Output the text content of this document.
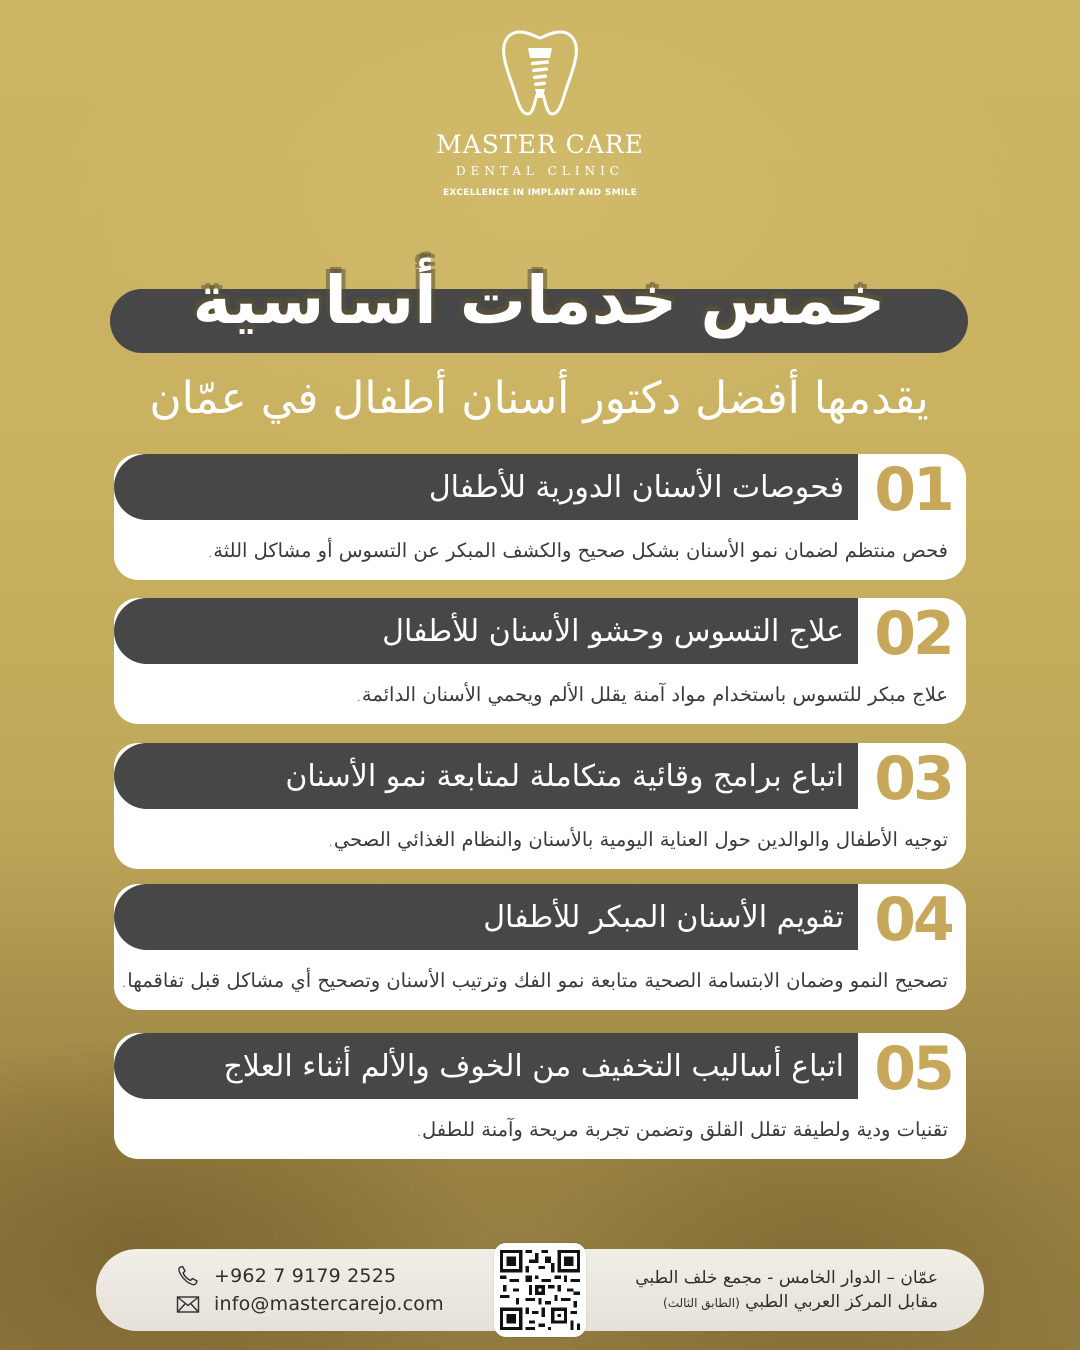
MASTER CARE
DENTAL CLINIC
EXCELLENCE IN IMPLANT AND SMILE
خمس خدمات أساسية
يقدمها أفضل دكتور أسنان أطفال في عمّان
01
فحوصات الأسنان الدورية للأطفال
فحص منتظم لضمان نمو الأسنان بشكل صحيح والكشف المبكر عن التسوس أو مشاكل اللثة.
02
علاج التسوس وحشو الأسنان للأطفال
علاج مبكر للتسوس باستخدام مواد آمنة يقلل الألم ويحمي الأسنان الدائمة.
03
اتباع برامج وقائية متكاملة لمتابعة نمو الأسنان
توجيه الأطفال والوالدين حول العناية اليومية بالأسنان والنظام الغذائي الصحي.
04
تقويم الأسنان المبكر للأطفال
تصحيح النمو وضمان الابتسامة الصحية متابعة نمو الفك وترتيب الأسنان وتصحيح أي مشاكل قبل تفاقمها.
05
اتباع أساليب التخفيف من الخوف والألم أثناء العلاج
تقنيات ودية ولطيفة تقلل القلق وتضمن تجربة مريحة وآمنة للطفل.
+962 7 9179 2525
info@mastercarejo.com
عمّان – الدوار الخامس - مجمع خلف الطبي
مقابل المركز العربي الطبي (الطابق الثالث)
